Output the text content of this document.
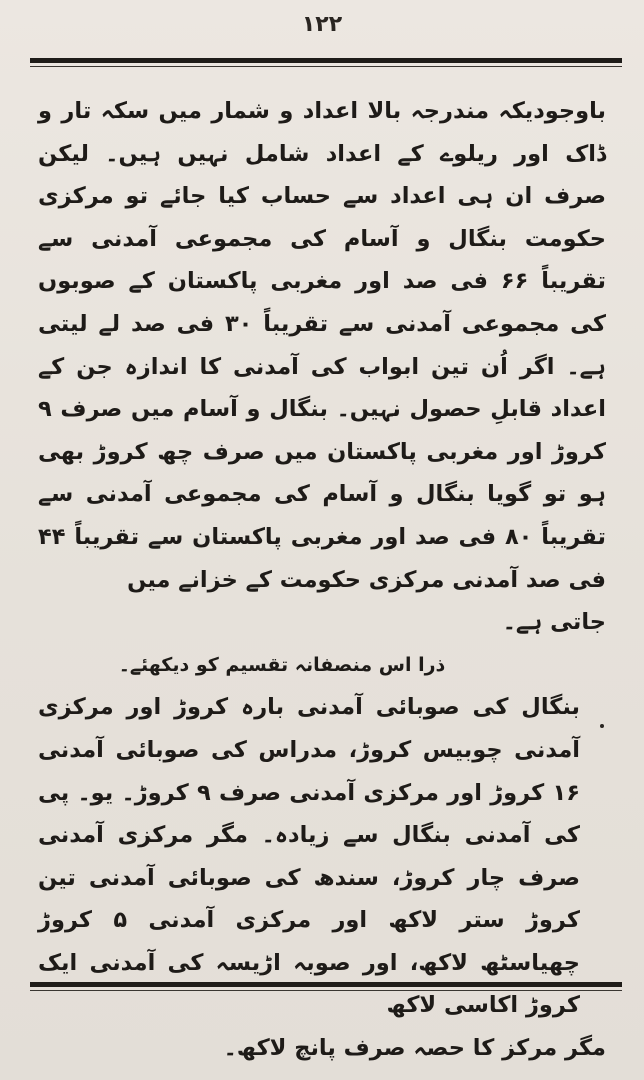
۱۲۲

باوجودیکہ مندرجہ بالا اعداد و شمار میں سکہ تار و ڈاک اور ریلوے کے اعداد شامل نہیں ہیں۔ لیکن صرف ان ہی اعداد سے حساب کیا جائے تو مرکزی حکومت بنگال و آسام کی مجموعی آمدنی سے تقریباً ۶۶ فی صد اور مغربی پاکستان کے صوبوں کی مجموعی آمدنی سے تقریباً ۳۰ فی صد لے لیتی ہے۔ اگر اُن تین ابواب کی آمدنی کا اندازہ جن کے اعداد قابلِ حصول نہیں۔ بنگال و آسام میں صرف ۹ کروڑ اور مغربی پاکستان میں صرف چھ کروڑ بھی ہو تو گویا بنگال و آسام کی مجموعی آمدنی سے تقریباً ۸۰ فی صد اور مغربی پاکستان سے تقریباً ۴۴ فی صد آمدنی مرکزی حکومت کے خزانے میں

جاتی ہے۔

ذرا اس منصفانہ تقسیم کو دیکھئے۔

بنگال کی صوبائی آمدنی بارہ کروڑ اور مرکزی آمدنی چوبیس کروڑ، مدراس کی صوبائی آمدنی ۱۶ کروڑ اور مرکزی آمدنی صرف ۹ کروڑ۔ یو۔ پی کی آمدنی بنگال سے زیادہ۔ مگر مرکزی آمدنی صرف چار کروڑ، سندھ کی صوبائی آمدنی تین کروڑ ستر لاکھ اور مرکزی آمدنی ۵ کروڑ چھیاسٹھ لاکھ، اور صوبہ اڑیسہ کی آمدنی ایک کروڑ اکاسی لاکھ

مگر مرکز کا حصہ صرف پانچ لاکھ۔
